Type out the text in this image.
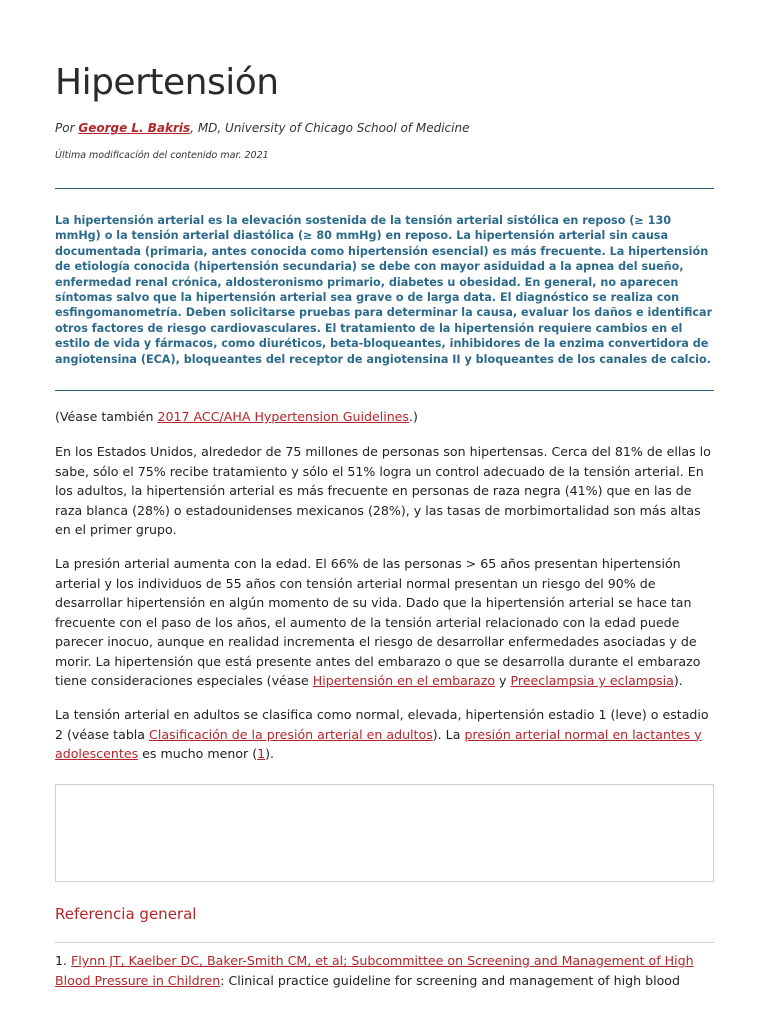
Hipertensión
Por George L. Bakris, MD, University of Chicago School of Medicine
Última modificación del contenido mar. 2021
La hipertensión arterial es la elevación sostenida de la tensión arterial sistólica en reposo (≥ 130 mmHg) o la tensión arterial diastólica (≥ 80 mmHg) en reposo. La hipertensión arterial sin causa documentada (primaria, antes conocida como hipertensión esencial) es más frecuente. La hipertensión de etiología conocida (hipertensión secundaria) se debe con mayor asiduidad a la apnea del sueño, enfermedad renal crónica, aldosteronismo primario, diabetes u obesidad. En general, no aparecen síntomas salvo que la hipertensión arterial sea grave o de larga data. El diagnóstico se realiza con esfingomanometría. Deben solicitarse pruebas para determinar la causa, evaluar los daños e identificar otros factores de riesgo cardiovasculares. El tratamiento de la hipertensión requiere cambios en el estilo de vida y fármacos, como diuréticos, beta-bloqueantes, inhibidores de la enzima convertidora de angiotensina (ECA), bloqueantes del receptor de angiotensina II y bloqueantes de los canales de calcio.

(Véase también 2017 ACC/AHA Hypertension Guidelines.)

En los Estados Unidos, alrededor de 75 millones de personas son hipertensas. Cerca del 81% de ellas lo sabe, sólo el 75% recibe tratamiento y sólo el 51% logra un control adecuado de la tensión arterial. En los adultos, la hipertensión arterial es más frecuente en personas de raza negra (41%) que en las de raza blanca (28%) o estadounidenses mexicanos (28%), y las tasas de morbimortalidad son más altas en el primer grupo.

La presión arterial aumenta con la edad. El 66% de las personas > 65 años presentan hipertensión arterial y los individuos de 55 años con tensión arterial normal presentan un riesgo del 90% de desarrollar hipertensión en algún momento de su vida. Dado que la hipertensión arterial se hace tan frecuente con el paso de los años, el aumento de la tensión arterial relacionado con la edad puede parecer inocuo, aunque en realidad incrementa el riesgo de desarrollar enfermedades asociadas y de morir. La hipertensión que está presente antes del embarazo o que se desarrolla durante el embarazo tiene consideraciones especiales (véase Hipertensión en el embarazo y Preeclampsia y eclampsia).

La tensión arterial en adultos se clasifica como normal, elevada, hipertensión estadio 1 (leve) o estadio 2 (véase tabla Clasificación de la presión arterial en adultos). La presión arterial normal en lactantes y adolescentes es mucho menor (1).

Referencia general

1. Flynn JT, Kaelber DC, Baker-Smith CM, et al; Subcommittee on Screening and Management of High Blood Pressure in Children: Clinical practice guideline for screening and management of high blood
